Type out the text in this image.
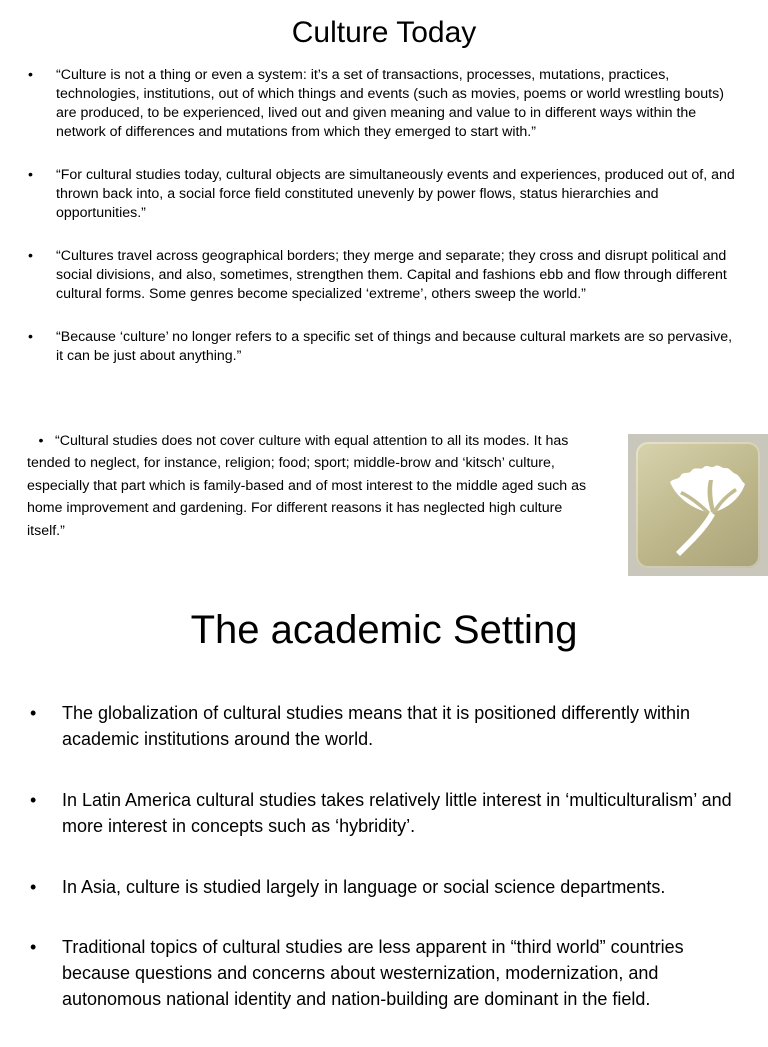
Culture Today
• “Culture is not a thing or even a system: it’s a set of transactions, processes, mutations, practices, technologies, institutions, out of which things and events (such as movies, poems or world wrestling bouts) are produced, to be experienced, lived out and given meaning and value to in different ways within the network of differences and mutations from which they emerged to start with.”
• “For cultural studies today, cultural objects are simultaneously events and experiences, produced out of, and thrown back into, a social force field constituted unevenly by power flows, status hierarchies and opportunities.”
• “Cultures travel across geographical borders; they merge and separate; they cross and disrupt political and social divisions, and also, sometimes, strengthen them. Capital and fashions ebb and flow through different cultural forms. Some genres become specialized ‘extreme’, others sweep the world.”
• “Because ‘culture’ no longer refers to a specific set of things and because cultural markets are so pervasive, it can be just about anything.”
• “Cultural studies does not cover culture with equal attention to all its modes. It has tended to neglect, for instance, religion; food; sport; middle-brow and ‘kitsch’ culture, especially that part which is family-based and of most interest to the middle aged such as home improvement and gardening. For different reasons it has neglected high culture itself.”
The academic Setting
• The globalization of cultural studies means that it is positioned differently within academic institutions around the world.
• In Latin America cultural studies takes relatively little interest in ‘multiculturalism’ and more interest in concepts such as ‘hybridity’.
• In Asia, culture is studied largely in language or social science departments.
• Traditional topics of cultural studies are less apparent in “third world” countries because questions and concerns about westernization, modernization, and autonomous national identity and nation-building are dominant in the field.
